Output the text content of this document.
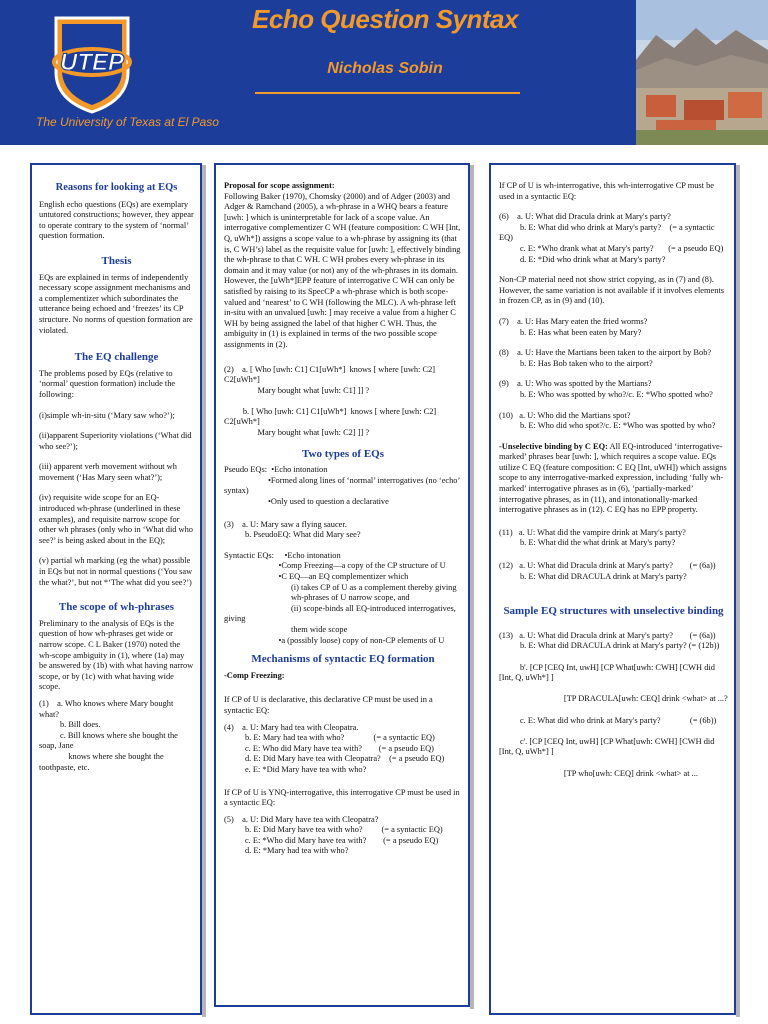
UTEP
Echo Question Syntax
Nicholas Sobin
The University of Texas at El Paso
Reasons for looking at EQs

English echo questions (EQs) are exemplary untutored constructions; however, they appear to operate contrary to the system of ‘normal’ question formation.

Thesis

EQs are explained in terms of independently necessary scope assignment mechanisms and a complementizer which subordinates the utterance being echoed and ‘freezes’ its CP structure. No norms of question formation are violated.

The EQ challenge

The problems posed by EQs (relative to ‘normal’ question formation) include the following:

(i)simple wh-in-situ (‘Mary saw who?’);

(ii)apparent Superiority violations (‘What did who see?’);

(iii) apparent verb movement without wh movement (‘Has Mary seen what?’);

(iv) requisite wide scope for an EQ-introduced wh-phrase (underlined in these examples), and requisite narrow scope for other wh phrases (only who in ‘What did who see?’ is being asked about in the EQ);

(v) partial wh marking (eg the what) possible in EQs but not in normal questions (‘You saw the what?’, but not *‘The what did you see?’)

The scope of wh-phrases

Preliminary to the analysis of EQs is the question of how wh-phrases get wide or narrow scope. C L Baker (1970) noted the wh-scope ambiguity in (1), where (1a) may be answered by (1b) with what having narrow scope, or by (1c) with what having wide scope.

(1)    a. Who knows where Mary bought what?
b. Bill does.
c. Bill knows where she bought the soap, Jane
knows where she bought the toothpaste, etc.
Proposal for scope assignment:

Following Baker (1970), Chomsky (2000) and of Adger (2003) and Adger & Ramchand (2005), a wh-phrase in a WHQ bears a feature [uwh: ] which is uninterpretable for lack of a scope value. An interrogative complementizer C WH (feature composition: C WH [Int, Q, uWh*]) assigns a scope value to a wh-phrase by assigning its (that is, C WH’s) label as the requisite value for [uwh: ], effectively binding the wh-phrase to that C WH. C WH probes every wh-phrase in its domain and it may value (or not) any of the wh-phrases in its domain. However, the [uWh*]EPP feature of interrogative C WH can only be satisfied by raising to its SpecCP a wh-phrase which is both scope-valued and ‘nearest’ to C WH (following the MLC). A wh-phrase left in-situ with an unvalued [uwh: ] may receive a value from a higher C WH by being assigned the label of that higher C WH. Thus, the ambiguity in (1) is explained in terms of the two possible scope assignments in (2).

(2)    a. [ Who [uwh: C1] C1[uWh*]  knows [ where [uwh: C2] C2[uWh*]
Mary bought what [uwh: C1] ]] ?

b. [ Who [uwh: C1] C1[uWh*]  knows [ where [uwh: C2] C2[uWh*]
Mary bought what [uwh: C2] ]] ?
Two types of EQs
Pseudo EQs:  •Echo intonation
•Formed along lines of ‘normal’ interrogatives (no ‘echo’ syntax)
•Only used to question a declarative
(3)    a. U: Mary saw a flying saucer.
b. PseudoEQ: What did Mary see?
Syntactic EQs:     •Echo intonation
•Comp Freezing—a copy of the CP structure of U
•C EQ—an EQ complementizer which
(i) takes CP of U as a complement thereby giving
wh-phrases of U narrow scope, and
(ii) scope-binds all EQ-introduced interrogatives, giving
them wide scope
•a (possibly loose) copy of non-CP elements of U
Mechanisms of syntactic EQ formation
-Comp Freezing:

If CP of U is declarative, this declarative CP must be used in a syntactic EQ:

(4)    a. U: Mary had tea with Cleopatra.
b. E: Mary had tea with who?              (= a syntactic EQ)
c. E: Who did Mary have tea with?        (= a pseudo EQ)
d. E: Did Mary have tea with Cleopatra?    (= a pseudo EQ)
e. E: *Did Mary have tea with who?

If CP of U is YNQ-interrogative, this interrogative CP must be used in a syntactic EQ:

(5)    a. U: Did Mary have tea with Cleopatra?
b. E: Did Mary have tea with who?         (= a syntactic EQ)
c. E: *Who did Mary have tea with?        (= a pseudo EQ)
d. E: *Mary had tea with who?

If CP of U is wh-interrogative, this wh-interrogative CP must be used in a syntactic EQ:

(6)    a. U: What did Dracula drink at Mary's party?
b. E: What did who drink at Mary's party?    (= a syntactic EQ)
c. E: *Who drank what at Mary's party?       (= a pseudo EQ)
d. E: *Did who drink what at Mary's party?

Non-CP material need not show strict copying, as in (7) and (8). However, the same variation is not available if it involves elements in frozen CP, as in (9) and (10).

(7)    a. U: Has Mary eaten the fried worms?
b. E: Has what been eaten by Mary?
(8)    a. U: Have the Martians been taken to the airport by Bob?
b. E: Has Bob taken who to the airport?
(9)    a. U: Who was spotted by the Martians?
b. E: Who was spotted by who?/c. E: *Who spotted who?
(10)   a. U: Who did the Martians spot?
b. E: Who did who spot?/c. E: *Who was spotted by who?

-Unselective binding by C EQ: All EQ-introduced ‘interrogative-marked’ phrases bear [uwh: ], which requires a scope value. EQs utilize C EQ (feature composition: C EQ [Int, uWH]) which assigns scope to any interrogative-marked expression, including ‘fully wh-marked’ interrogative phrases as in (6), ‘partially-marked’ interrogative phrases, as in (11), and intonationally-marked interrogative phrases as in (12). C EQ has no EPP property.

(11)   a. U: What did the vampire drink at Mary's party?
b. E: What did the what drink at Mary's party?
(12)   a. U: What did Dracula drink at Mary's party?        (= (6a))
b. E: What did DRACULA drink at Mary's party?
Sample EQ structures with unselective binding
(13)   a. U: What did Dracula drink at Mary's party?        (= (6a))
b. E: What did DRACULA drink at Mary's party? (= (12b))

b'. [CP [CEQ Int, uwH] [CP What[uwh: CWH] [CWH did [Int, Q, uWh*] ]

[TP DRACULA[uwh: CEQ] drink <what> at ...?

c. E: What did who drink at Mary's party?              (= (6b))

c'. [CP [CEQ Int, uwH] [CP What[uwh: CWH] [CWH did [Int, Q, uWh*] ]

[TP who[uwh: CEQ] drink <what> at ...
